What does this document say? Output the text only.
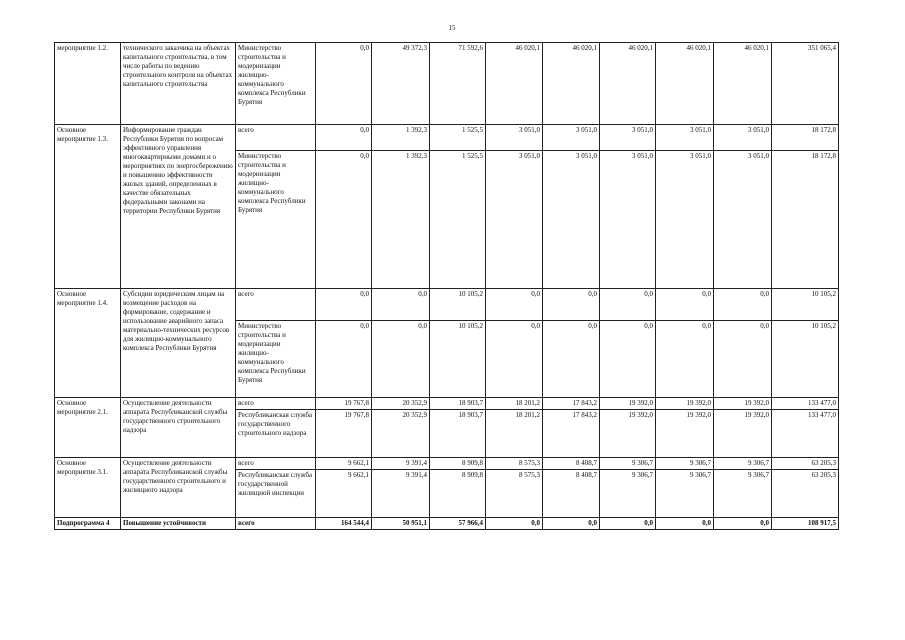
15
мероприятие 1.2.	технического заказчика на объектах капитального строительства, в том числе работы по ведению строительного контроля на объектах капитального строительства	Министерство строительства и модернизации жилищно-коммунального комплекса Республики Бурятия	0,0	49 372,3	71 592,6	46 020,1	46 020,1	46 020,1	46 020,1	46 020,1	351 065,4
Основное мероприятие 1.3.	Информирование граждан Республики Бурятия по вопросам эффективного управления многоквартирными домами и о мероприятиях по энергосбережению и повышению эффективности жилых зданий, определенных в качестве обязательных федеральными законами на территории Республики Бурятия	всего	0,0	1 392,3	1 525,5	3 051,0	3 051,0	3 051,0	3 051,0	3 051,0	18 172,8
		Министерство строительства и модернизации жилищно-коммунального комплекса Республики Бурятия	0,0	1 392,3	1 525,5	3 051,0	3 051,0	3 051,0	3 051,0	3 051,0	18 172,8
Основное мероприятие 1.4.	Субсидии юридическим лицам на возмещение расходов на формирование, содержание и использование аварийного запаса материально-технических ресурсов для жилищно-коммунального комплекса Республики Бурятия	всего	0,0	0,0	10 105,2	0,0	0,0	0,0	0,0	0,0	10 105,2
		Министерство строительства и модернизации жилищно-коммунального комплекса Республики Бурятия	0,0	0,0	10 105,2	0,0	0,0	0,0	0,0	0,0	10 105,2
Основное мероприятие 2.1.	Осуществление деятельности аппарата Республиканской службы государственного строительного надзора	всего	19 767,8	20 352,9	18 903,7	18 201,2	17 843,2	19 392,0	19 392,0	19 392,0	133 477,0
		Республиканская служба государственного строительного надзора	19 767,8	20 352,9	18 903,7	18 201,2	17 843,2	19 392,0	19 392,0	19 392,0	133 477,0
Основное мероприятие 3.1.	Осуществление деятельности аппарата Республиканской службы государственного строительного и жилищного надзора	всего	9 662,1	9 391,4	8 909,8	8 575,3	8 408,7	9 306,7	9 306,7	9 306,7	63 205,3
		Республиканская служба государственной жилищной инспекции	9 662,1	9 391,4	8 909,8	8 575,3	8 408,7	9 306,7	9 306,7	9 306,7	63 205,3
Подпрограмма 4	Повышение устойчивости	всего	164 544,4	50 951,1	57 966,4	0,0	0,0	0,0	0,0	0,0	108 917,5
